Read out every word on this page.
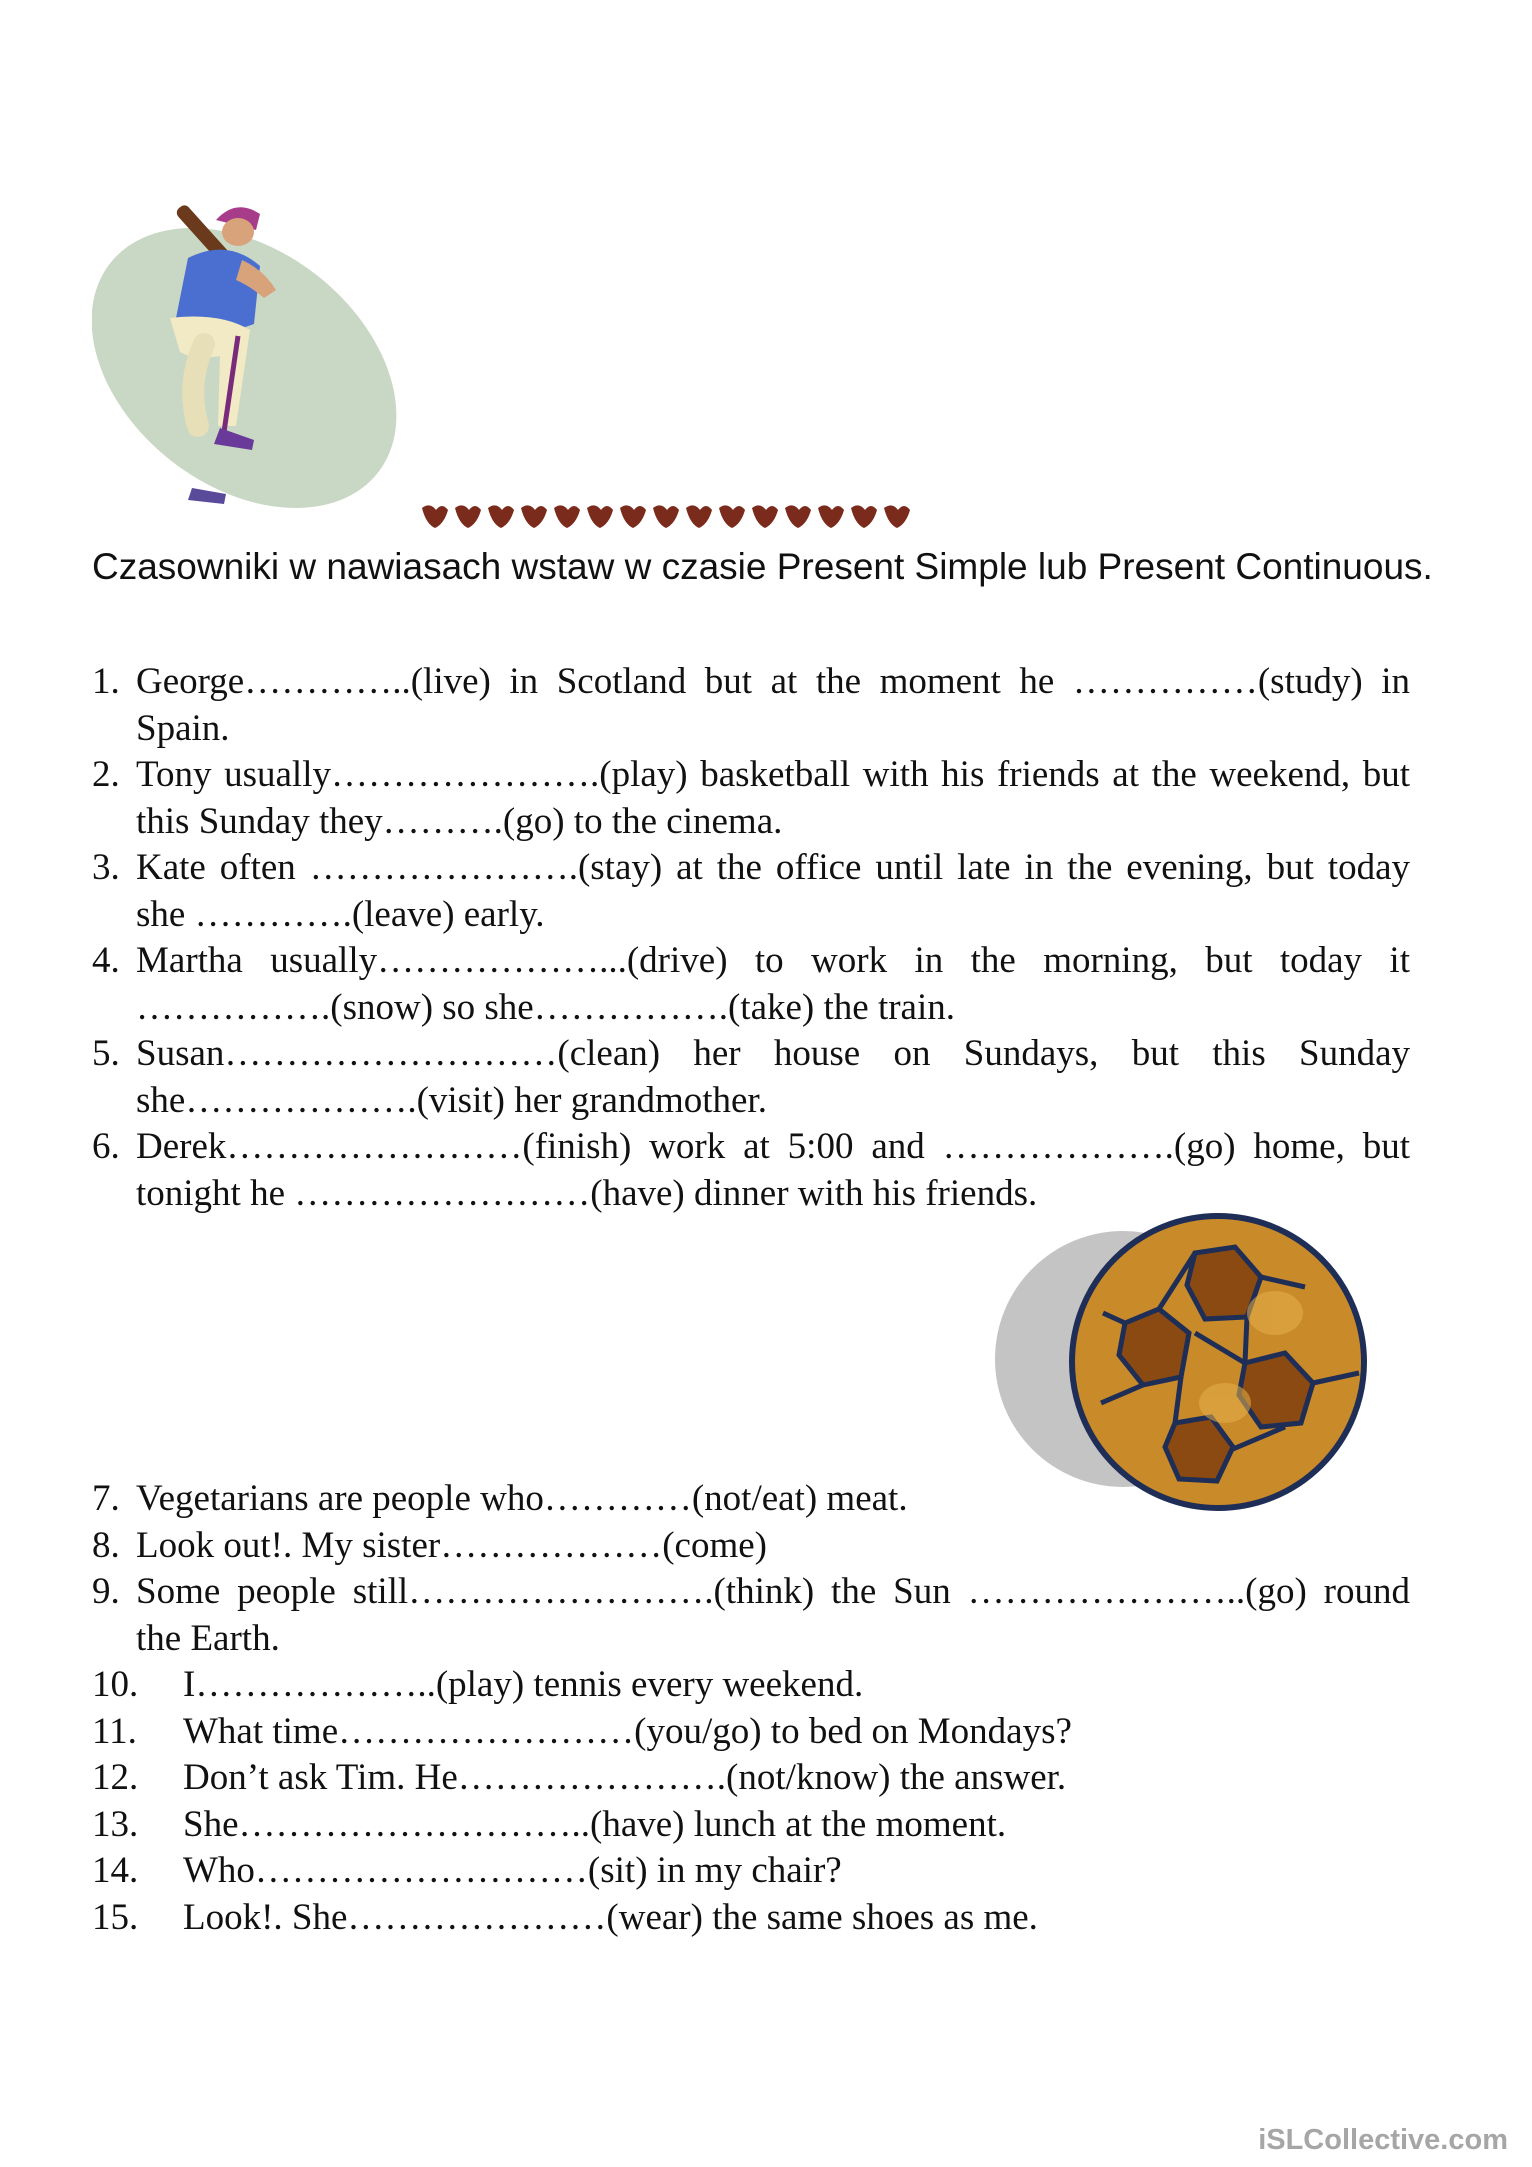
Czasowniki w nawiasach wstaw w czasie Present Simple lub Present Continuous.
1. George…………..(live) in Scotland but at the moment he ……………(study) in Spain.
2. Tony usually………………….(play) basketball with his friends at the weekend, but this Sunday they……….(go) to the cinema.
3. Kate often ………………….(stay) at the office until late in the evening, but today she ………….(leave) early.
4. Martha usually………………...(drive) to work in the morning, but today it …………….(snow) so she…………….(take) the train.
5. Susan………………………(clean) her house on Sundays, but this Sunday she……………….(visit) her grandmother.
6. Derek……………………(finish) work at 5:00 and ……………….(go) home, but tonight he ……………………(have) dinner with his friends.
7. Vegetarians are people who…………(not/eat) meat.
8. Look out!. My sister………………(come)
9. Some people still…………………….(think) the Sun …………………..(go) round the Earth.
10. I………………..(play) tennis every weekend.
11. What time……………………(you/go) to bed on Mondays?
12. Don’t ask Tim. He………………….(not/know) the answer.
13. She………………………..(have) lunch at the moment.
14. Who………………………(sit) in my chair?
15. Look!. She…………………(wear) the same shoes as me.
iSLCollective.com
